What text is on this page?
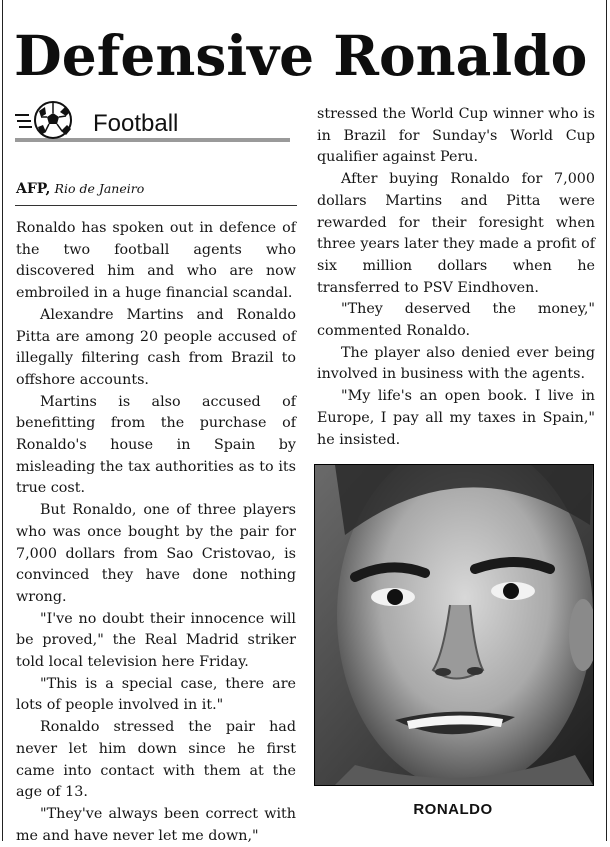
Defensive Ronaldo
Football
AFP, Rio de Janeiro

Ronaldo has spoken out in defence of the two football agents who discovered him and who are now embroiled in a huge financial scandal.

Alexandre Martins and Ronaldo Pitta are among 20 people accused of illegally filtering cash from Brazil to offshore accounts.

Martins is also accused of benefitting from the purchase of Ronaldo's house in Spain by misleading the tax authorities as to its true cost.

But Ronaldo, one of three players who was once bought by the pair for 7,000 dollars from Sao Cristovao, is convinced they have done nothing wrong.

"I've no doubt their innocence will be proved," the Real Madrid striker told local television here Friday.

"This is a special case, there are lots of people involved in it."

Ronaldo stressed the pair had never let him down since he first came into contact with them at the age of 13.

"They've always been correct with me and have never let me down,"

stressed the World Cup winner who is in Brazil for Sunday's World Cup qualifier against Peru.

After buying Ronaldo for 7,000 dollars Martins and Pitta were rewarded for their foresight when three years later they made a profit of six million dollars when he transferred to PSV Eindhoven.

"They deserved the money," commented Ronaldo.

The player also denied ever being involved in business with the agents.

"My life's an open book. I live in Europe, I pay all my taxes in Spain," he insisted.

RONALDO
